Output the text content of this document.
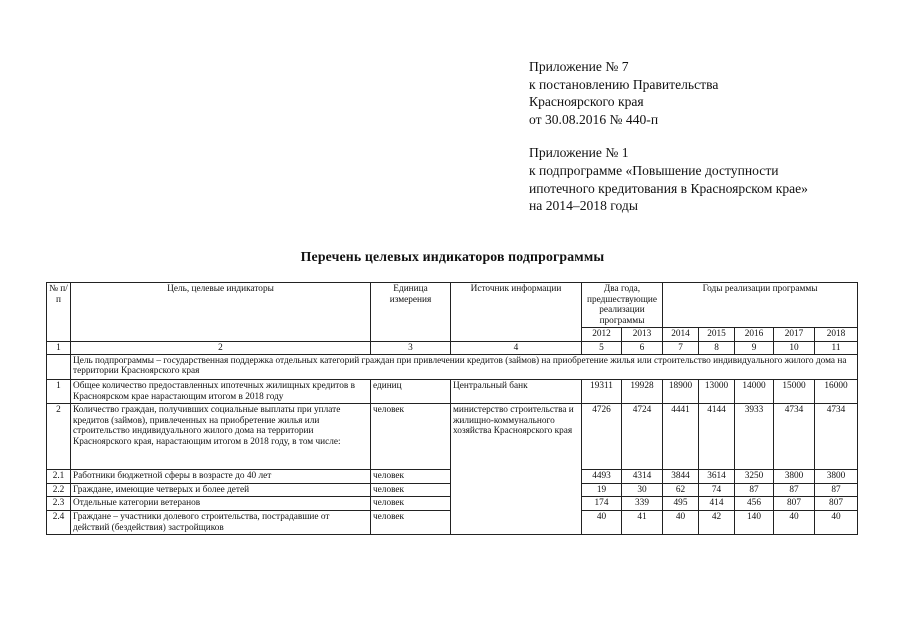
Приложение № 7
к постановлению Правительства
Красноярского края
от 30.08.2016 № 440-п
Приложение № 1
к подпрограмме «Повышение доступности
ипотечного кредитования в Красноярском крае»
на 2014–2018 годы
Перечень целевых индикаторов подпрограммы
№ п/п	Цель, целевые индикаторы	Единица измерения	Источник информации	Два года, предшествующие реализации программы		Годы реализации программы				
				2012	2013	2014	2015	2016	2017	2018
1	2	3	4	5	6	7	8	9	10	11
	Цель подпрограммы – государственная поддержка отдельных категорий граждан при привлечении кредитов (займов) на приобретение жилья или строительство индивидуального жилого дома на территории Красноярского края									
1	Общее количество предоставленных ипотечных жилищных кредитов в Красноярском крае нарастающим итогом в 2018 году	единиц	Центральный банк	19311	19928	18900	13000	14000	15000	16000
2	Количество граждан, получивших социальные выплаты при уплате кредитов (займов), привлеченных на приобретение жилья или строительство индивидуального жилого дома на территории Красноярского края, нарастающим итогом в 2018 году, в том числе:	человек	министерство строительства и жилищно-коммунального хозяйства Красноярского края	4726	4724	4441	4144	3933	4734	4734
2.1	Работники бюджетной сферы в возрасте до 40 лет	человек		4493	4314	3844	3614	3250	3800	3800
2.2	Граждане, имеющие четверых и более детей	человек		19	30	62	74	87	87	87
2.3	Отдельные категории ветеранов	человек		174	339	495	414	456	807	807
2.4	Граждане – участники долевого строительства, пострадавшие от действий (бездействия) застройщиков	человек		40	41	40	42	140	40	40
